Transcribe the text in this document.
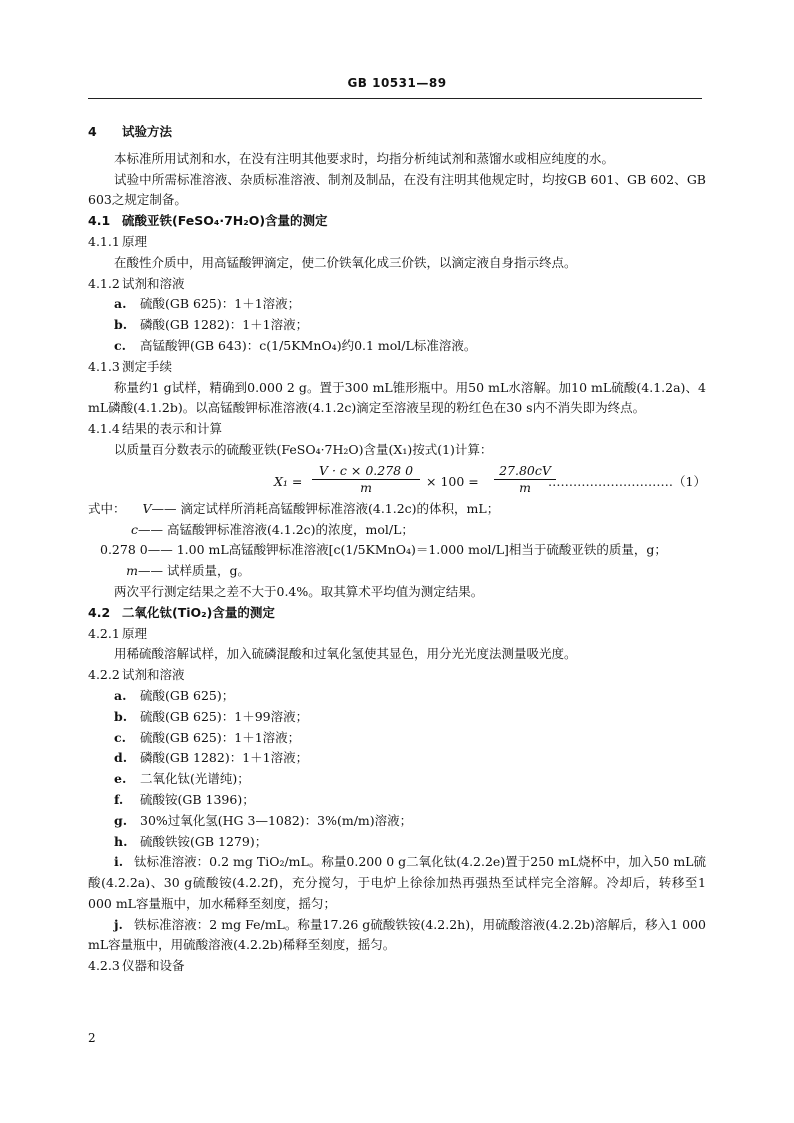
GB 10531—89
4 试验方法
本标准所用试剂和水，在没有注明其他要求时，均指分析纯试剂和蒸馏水或相应纯度的水。
试验中所需标准溶液、杂质标准溶液、制剂及制品，在没有注明其他规定时，均按GB 601、GB 602、GB 603之规定制备。
4.1 硫酸亚铁(FeSO₄·7H₂O)含量的测定
4.1.1 原理
在酸性介质中，用高锰酸钾滴定，使二价铁氧化成三价铁，以滴定液自身指示终点。
4.1.2 试剂和溶液
a. 硫酸(GB 625)：1＋1溶液；
b. 磷酸(GB 1282)：1＋1溶液；
c. 高锰酸钾(GB 643)：c(1/5KMnO₄)约0.1 mol/L标准溶液。
4.1.3 测定手续
称量约1 g试样，精确到0.000 2 g。置于300 mL锥形瓶中。用50 mL水溶解。加10 mL硫酸(4.1.2a)、4 mL磷酸(4.1.2b)。以高锰酸钾标准溶液(4.1.2c)滴定至溶液呈现的粉红色在30 s内不消失即为终点。
4.1.4 结果的表示和计算
以质量百分数表示的硫酸亚铁(FeSO₄·7H₂O)含量(X₁)按式(1)计算：
$X_1 = \frac{V \cdot c \times 0.278 0}{m} \times 100 = \frac{27.80cV}{m}$
…………………………（1）
式中： V—— 滴定试样所消耗高锰酸钾标准溶液(4.1.2c)的体积，mL；
c—— 高锰酸钾标准溶液(4.1.2c)的浓度，mol/L；
0.278 0—— 1.00 mL高锰酸钾标准溶液[c(1/5KMnO₄)＝1.000 mol/L]相当于硫酸亚铁的质量，g；
m—— 试样质量，g。
两次平行测定结果之差不大于0.4%。取其算术平均值为测定结果。
4.2 二氧化钛(TiO₂)含量的测定
4.2.1 原理
用稀硫酸溶解试样，加入硫磷混酸和过氧化氢使其显色，用分光光度法测量吸光度。
4.2.2 试剂和溶液
a. 硫酸(GB 625)；
b. 硫酸(GB 625)：1＋99溶液；
c. 硫酸(GB 625)：1＋1溶液；
d. 磷酸(GB 1282)：1＋1溶液；
e. 二氧化钛(光谱纯)；
f. 硫酸铵(GB 1396)；
g. 30%过氧化氢(HG 3—1082)：3%(m/m)溶液；
h. 硫酸铁铵(GB 1279)；
i. 钛标准溶液：0.2 mg TiO₂/mL。称量0.200 0 g二氧化钛(4.2.2e)置于250 mL烧杯中，加入50 mL硫酸(4.2.2a)、30 g硫酸铵(4.2.2f)，充分搅匀，于电炉上徐徐加热再强热至试样完全溶解。冷却后，转移至1 000 mL容量瓶中，加水稀释至刻度，摇匀；
j. 铁标准溶液：2 mg Fe/mL。称量17.26 g硫酸铁铵(4.2.2h)，用硫酸溶液(4.2.2b)溶解后，移入1 000 mL容量瓶中，用硫酸溶液(4.2.2b)稀释至刻度，摇匀。
4.2.3 仪器和设备
2
